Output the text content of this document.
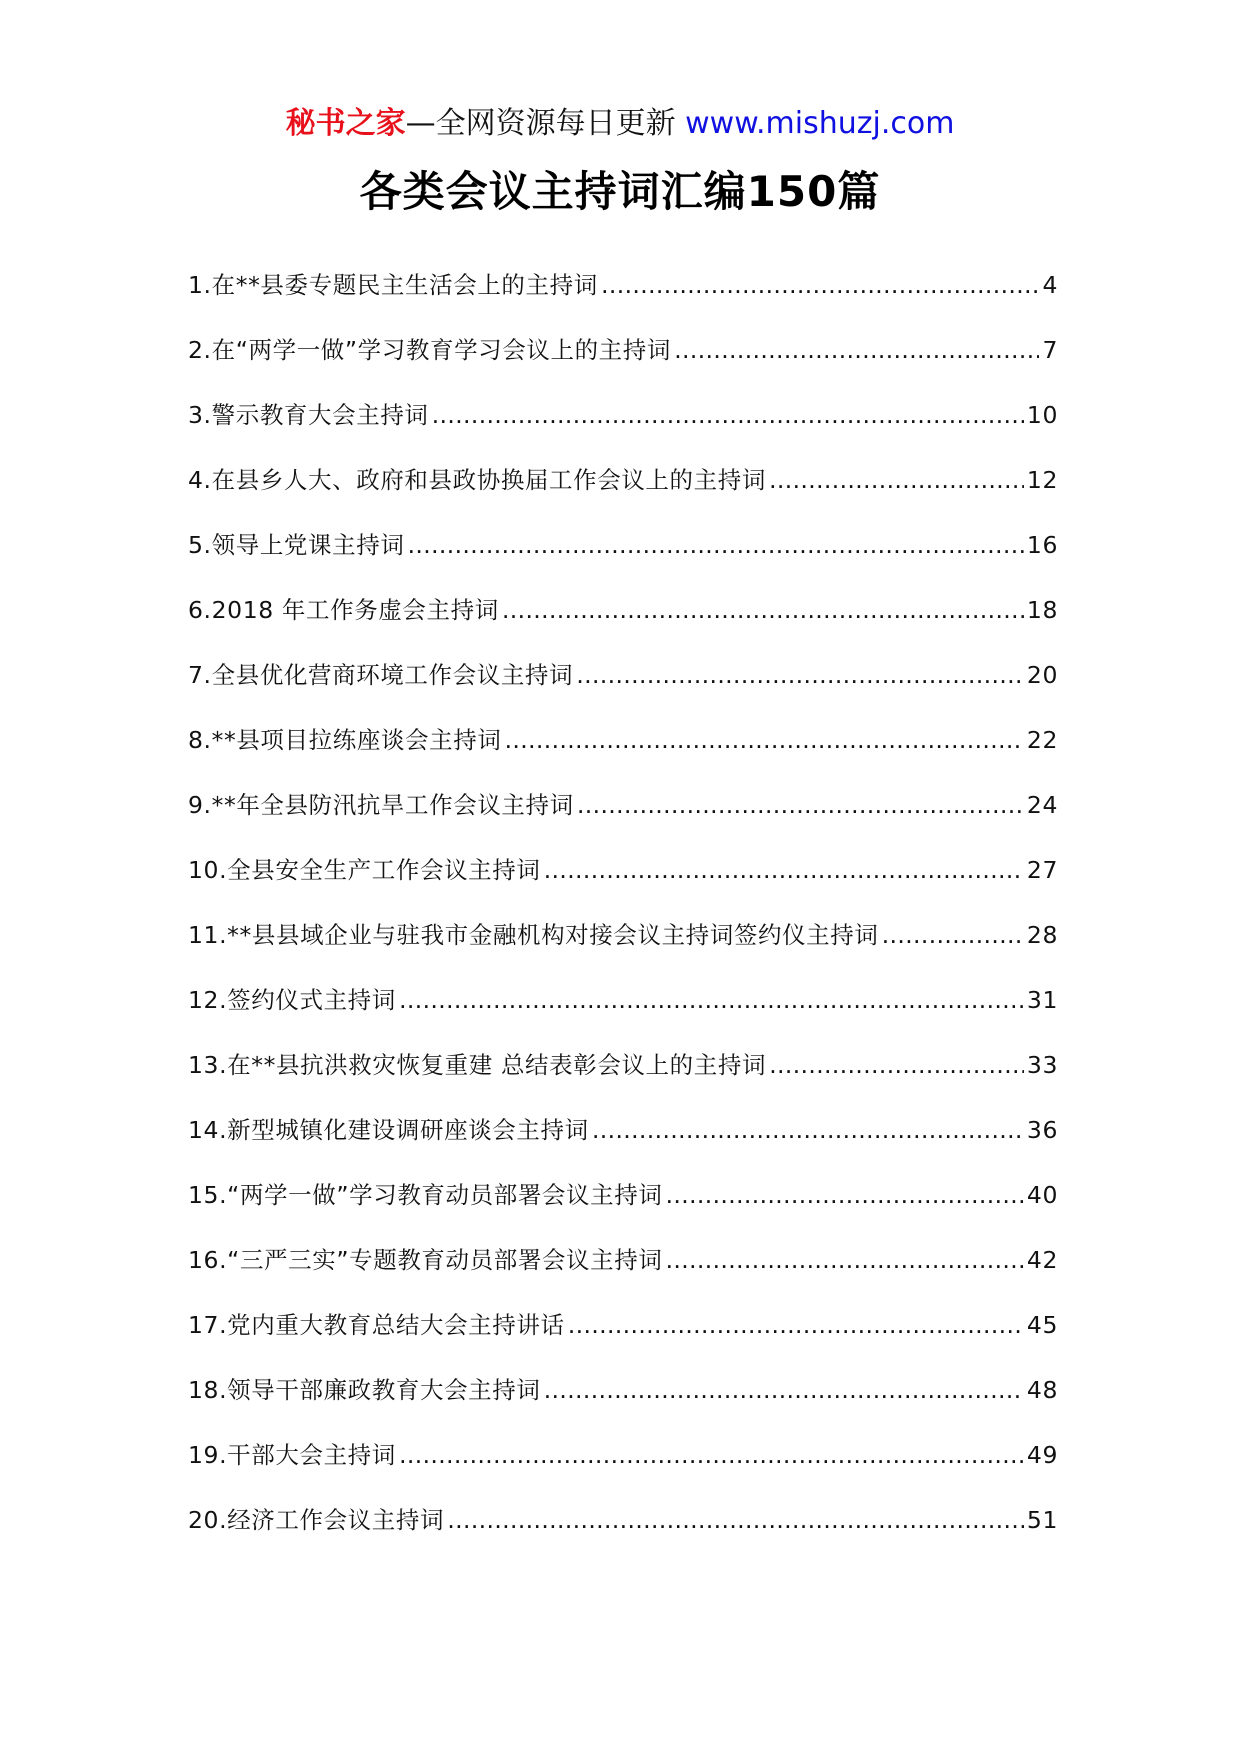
秘书之家—全网资源每日更新 www.mishuzj.com
各类会议主持词汇编150篇
1.在**县委专题民主生活会上的主持词 ……………………………………………………………………………………………………………………………………………………	4
2.在“两学一做”学习教育学习会议上的主持词 ……………………………………………………………………………………………………………………………………………………	7
3.警示教育大会主持词 ……………………………………………………………………………………………………………………………………………………	10
4.在县乡人大、政府和县政协换届工作会议上的主持词 ……………………………………………………………………………………………………………………………………………………	12
5.领导上党课主持词 ……………………………………………………………………………………………………………………………………………………	16
6.2018 年工作务虚会主持词 ……………………………………………………………………………………………………………………………………………………	18
7.全县优化营商环境工作会议主持词 ……………………………………………………………………………………………………………………………………………………	20
8.**县项目拉练座谈会主持词 ……………………………………………………………………………………………………………………………………………………	22
9.**年全县防汛抗旱工作会议主持词 ……………………………………………………………………………………………………………………………………………………	24
10.全县安全生产工作会议主持词 ……………………………………………………………………………………………………………………………………………………	27
11.**县县域企业与驻我市金融机构对接会议主持词签约仪主持词 ……………………………………………………………………………………………………………………………………………………	28
12.签约仪式主持词 ……………………………………………………………………………………………………………………………………………………	31
13.在**县抗洪救灾恢复重建 总结表彰会议上的主持词 ……………………………………………………………………………………………………………………………………………………	33
14.新型城镇化建设调研座谈会主持词 ……………………………………………………………………………………………………………………………………………………	36
15.“两学一做”学习教育动员部署会议主持词 ……………………………………………………………………………………………………………………………………………………	40
16.“三严三实”专题教育动员部署会议主持词 ……………………………………………………………………………………………………………………………………………………	42
17.党内重大教育总结大会主持讲话 ……………………………………………………………………………………………………………………………………………………	45
18.领导干部廉政教育大会主持词 ……………………………………………………………………………………………………………………………………………………	48
19.干部大会主持词 ……………………………………………………………………………………………………………………………………………………	49
20.经济工作会议主持词 ……………………………………………………………………………………………………………………………………………………	51
